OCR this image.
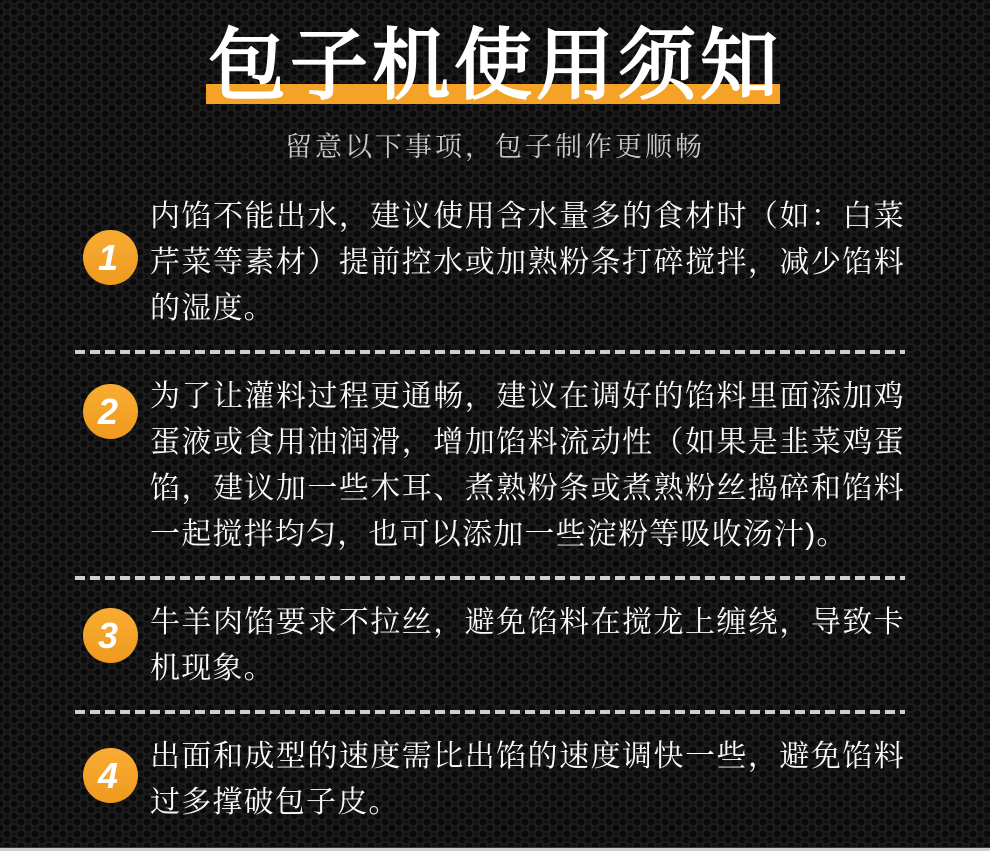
包子机使用须知

留意以下事项，包子制作更顺畅

1

内馅不能出水，建议使用含水量多的食材时（如：白菜芹菜等素材）提前控水或加熟粉条打碎搅拌，减少馅料的湿度。

2 为了让灌料过程更通畅，建议在调好的馅料里面添加鸡蛋液或食用油润滑，增加馅料流动性（如果是韭菜鸡蛋馅，建议加一些木耳、煮熟粉条或煮熟粉丝捣碎和馅料一起搅拌均匀，也可以添加一些淀粉等吸收汤汁)。

3 牛羊肉馅要求不拉丝，避免馅料在搅龙上缠绕，导致卡机现象。

4 出面和成型的速度需比出馅的速度调快一些，避免馅料过多撑破包子皮。
